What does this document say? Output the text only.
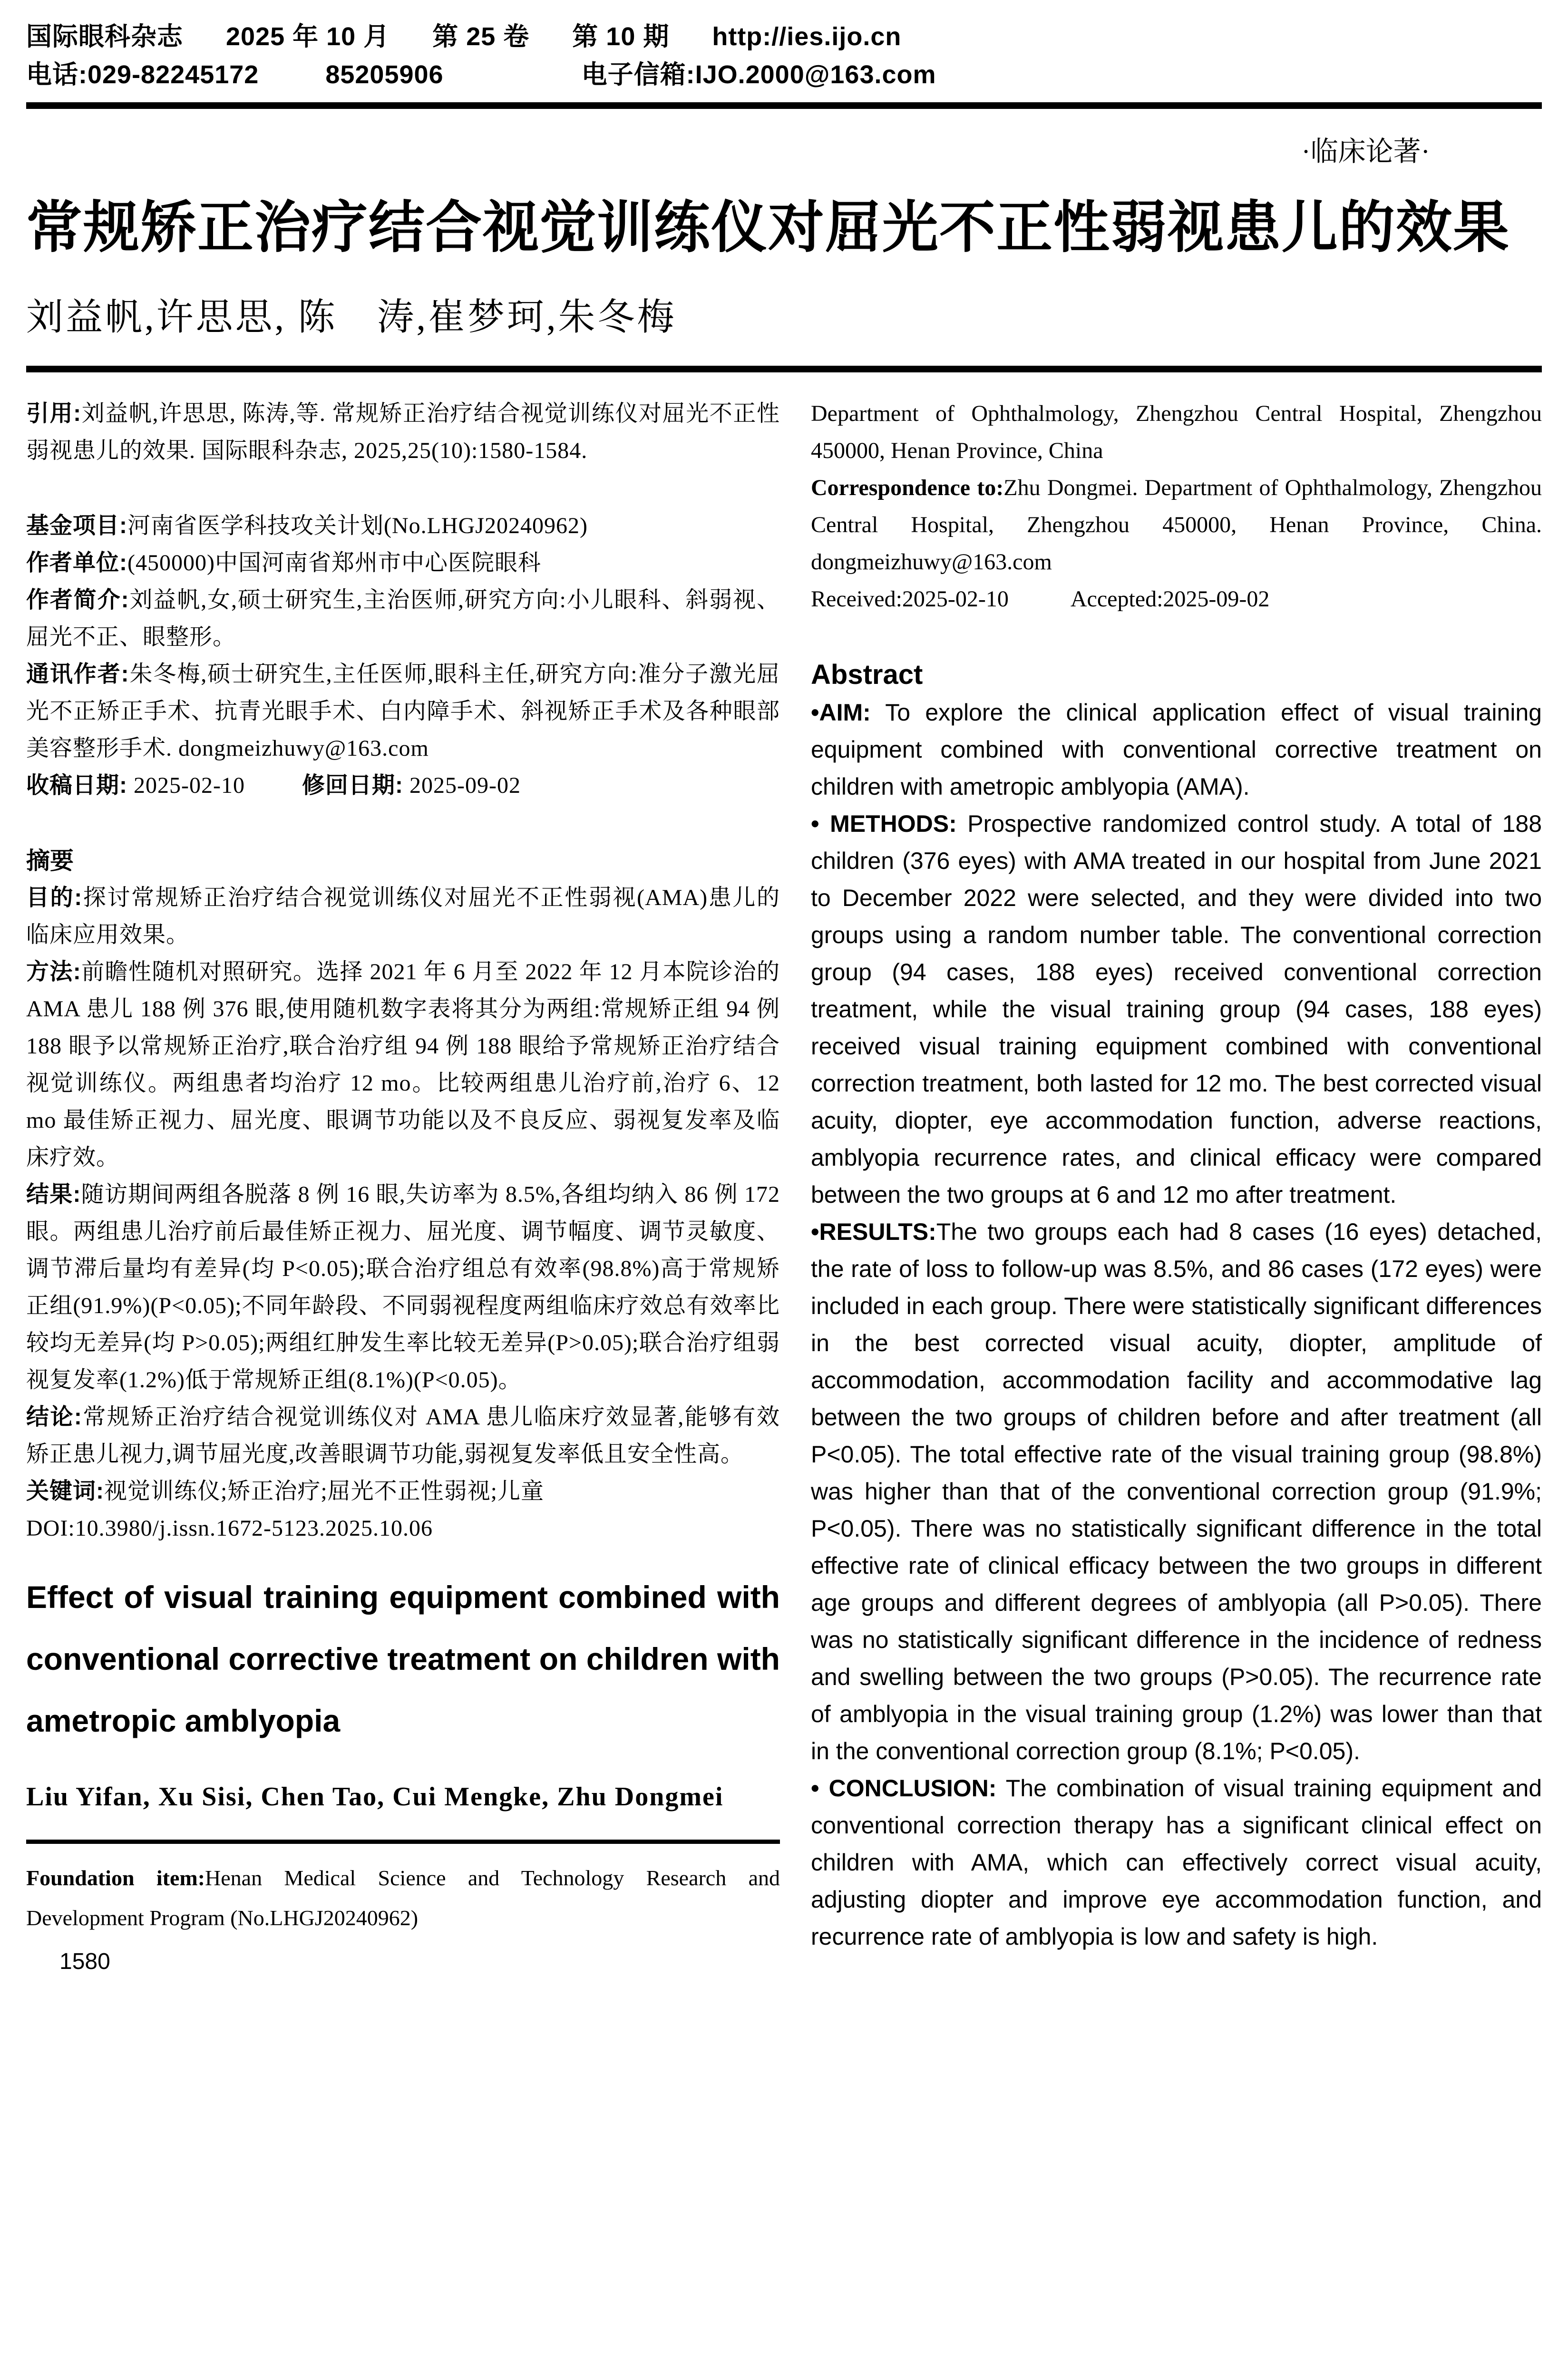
国际眼科杂志 2025 年 10 月 第 25 卷 第 10 期 http://ies.ijo.cn
电话:029-82245172	85205906	电子信箱:IJO.2000@163.com
·临床论著·
常规矫正治疗结合视觉训练仪对屈光不正性弱视患儿的效果
刘益帆,许思思, 陈　涛,崔梦珂,朱冬梅

引用:刘益帆,许思思, 陈涛,等. 常规矫正治疗结合视觉训练仪对屈光不正性弱视患儿的效果. 国际眼科杂志, 2025,25(10):1580-1584.

基金项目:河南省医学科技攻关计划(No.LHGJ20240962)

作者单位:(450000)中国河南省郑州市中心医院眼科

作者简介:刘益帆,女,硕士研究生,主治医师,研究方向:小儿眼科、斜弱视、屈光不正、眼整形。

通讯作者:朱冬梅,硕士研究生,主任医师,眼科主任,研究方向:准分子激光屈光不正矫正手术、抗青光眼手术、白内障手术、斜视矫正手术及各种眼部美容整形手术. dongmeizhuwy@163.com

收稿日期: 2025-02-10	修回日期: 2025-09-02

摘要

目的:探讨常规矫正治疗结合视觉训练仪对屈光不正性弱视(AMA)患儿的临床应用效果。

方法:前瞻性随机对照研究。选择 2021 年 6 月至 2022 年 12 月本院诊治的 AMA 患儿 188 例 376 眼,使用随机数字表将其分为两组:常规矫正组 94 例 188 眼予以常规矫正治疗,联合治疗组 94 例 188 眼给予常规矫正治疗结合视觉训练仪。两组患者均治疗 12 mo。比较两组患儿治疗前,治疗 6、12 mo 最佳矫正视力、屈光度、眼调节功能以及不良反应、弱视复发率及临床疗效。

结果:随访期间两组各脱落 8 例 16 眼,失访率为 8.5%,各组均纳入 86 例 172 眼。两组患儿治疗前后最佳矫正视力、屈光度、调节幅度、调节灵敏度、调节滞后量均有差异(均 P<0.05);联合治疗组总有效率(98.8%)高于常规矫正组(91.9%)(P<0.05);不同年龄段、不同弱视程度两组临床疗效总有效率比较均无差异(均 P>0.05);两组红肿发生率比较无差异(P>0.05);联合治疗组弱视复发率(1.2%)低于常规矫正组(8.1%)(P<0.05)。

结论:常规矫正治疗结合视觉训练仪对 AMA 患儿临床疗效显著,能够有效矫正患儿视力,调节屈光度,改善眼调节功能,弱视复发率低且安全性高。

关键词:视觉训练仪;矫正治疗;屈光不正性弱视;儿童

DOI:10.3980/j.issn.1672-5123.2025.10.06

Effect of visual training equipment combined with conventional corrective treatment on children with ametropic amblyopia
Liu Yifan, Xu Sisi, Chen Tao, Cui Mengke, Zhu Dongmei

Foundation item:Henan Medical Science and Technology Research and Development Program (No.LHGJ20240962)

1580

Department of Ophthalmology, Zhengzhou Central Hospital, Zhengzhou 450000, Henan Province, China

Correspondence to:Zhu Dongmei. Department of Ophthalmology, Zhengzhou Central Hospital, Zhengzhou 450000, Henan Province, China. dongmeizhuwy@163.com

Received:2025-02-10	Accepted:2025-09-02

Abstract

•AIM: To explore the clinical application effect of visual training equipment combined with conventional corrective treatment on children with ametropic amblyopia (AMA).

• METHODS: Prospective randomized control study. A total of 188 children (376 eyes) with AMA treated in our hospital from June 2021 to December 2022 were selected, and they were divided into two groups using a random number table. The conventional correction group (94 cases, 188 eyes) received conventional correction treatment, while the visual training group (94 cases, 188 eyes) received visual training equipment combined with conventional correction treatment, both lasted for 12 mo. The best corrected visual acuity, diopter, eye accommodation function, adverse reactions, amblyopia recurrence rates, and clinical efficacy were compared between the two groups at 6 and 12 mo after treatment.

•RESULTS:The two groups each had 8 cases (16 eyes) detached, the rate of loss to follow-up was 8.5%, and 86 cases (172 eyes) were included in each group. There were statistically significant differences in the best corrected visual acuity, diopter, amplitude of accommodation, accommodation facility and accommodative lag between the two groups of children before and after treatment (all P<0.05). The total effective rate of the visual training group (98.8%) was higher than that of the conventional correction group (91.9%; P<0.05). There was no statistically significant difference in the total effective rate of clinical efficacy between the two groups in different age groups and different degrees of amblyopia (all P>0.05). There was no statistically significant difference in the incidence of redness and swelling between the two groups (P>0.05). The recurrence rate of amblyopia in the visual training group (1.2%) was lower than that in the conventional correction group (8.1%; P<0.05).

• CONCLUSION: The combination of visual training equipment and conventional correction therapy has a significant clinical effect on children with AMA, which can effectively correct visual acuity, adjusting diopter and improve eye accommodation function, and recurrence rate of amblyopia is low and safety is high.
